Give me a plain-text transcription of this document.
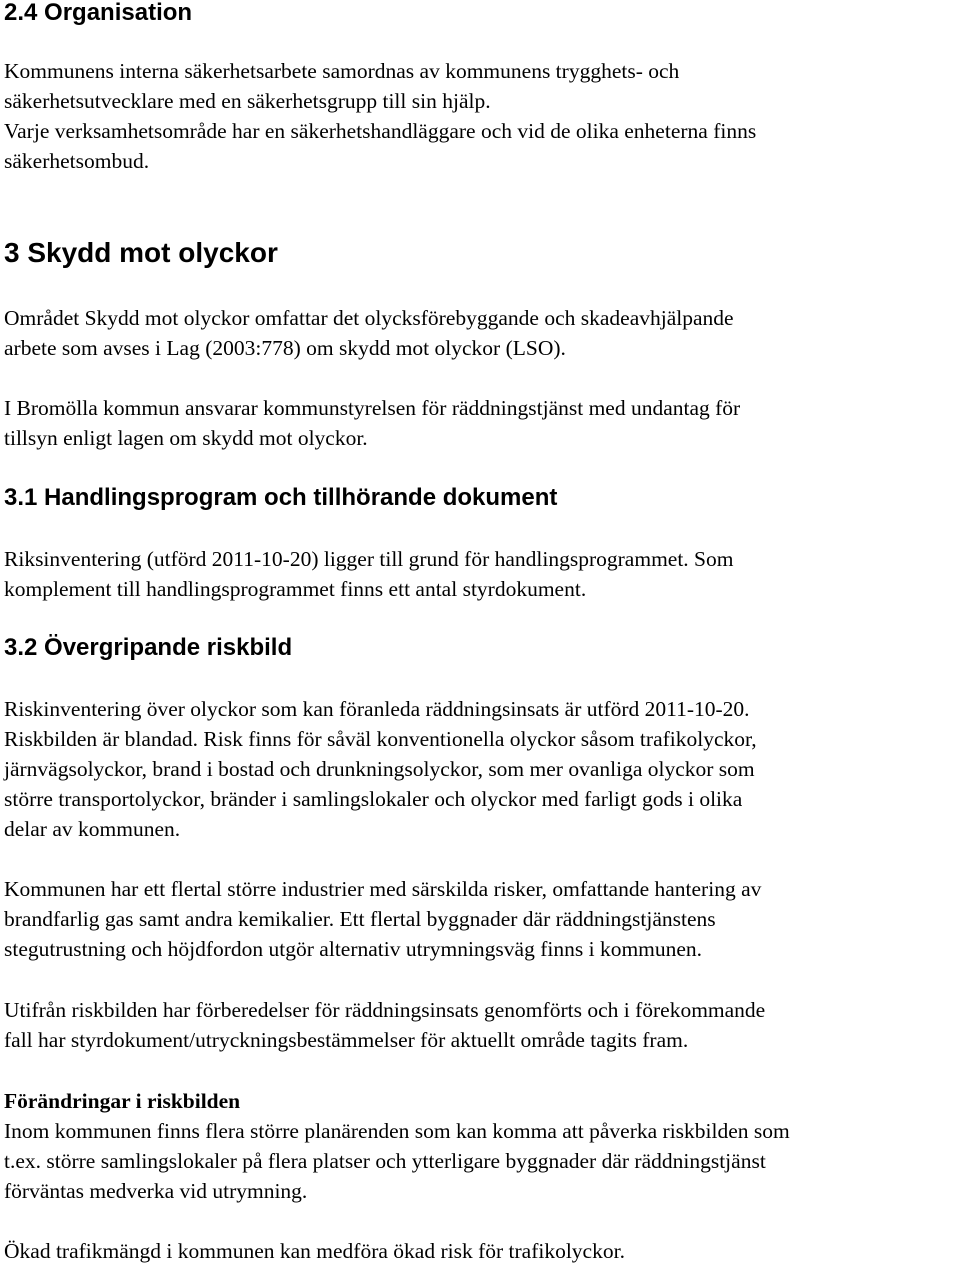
2.4 Organisation

Kommunens interna säkerhetsarbete samordnas av kommunens trygghets- och
säkerhetsutvecklare med en säkerhetsgrupp till sin hjälp.
Varje verksamhetsområde har en säkerhetshandläggare och vid de olika enheterna finns
säkerhetsombud.

3 Skydd mot olyckor

Området Skydd mot olyckor omfattar det olycksförebyggande och skadeavhjälpande
arbete som avses i Lag (2003:778) om skydd mot olyckor (LSO).

I Bromölla kommun ansvarar kommunstyrelsen för räddningstjänst med undantag för
tillsyn enligt lagen om skydd mot olyckor.

3.1 Handlingsprogram och tillhörande dokument

Riksinventering (utförd 2011-10-20) ligger till grund för handlingsprogrammet. Som
komplement till handlingsprogrammet finns ett antal styrdokument.

3.2 Övergripande riskbild

Riskinventering över olyckor som kan föranleda räddningsinsats är utförd 2011-10-20.
Riskbilden är blandad. Risk finns för såväl konventionella olyckor såsom trafikolyckor,
järnvägsolyckor, brand i bostad och drunkningsolyckor, som mer ovanliga olyckor som
större transportolyckor, bränder i samlingslokaler och olyckor med farligt gods i olika
delar av kommunen.

Kommunen har ett flertal större industrier med särskilda risker, omfattande hantering av
brandfarlig gas samt andra kemikalier. Ett flertal byggnader där räddningstjänstens
stegutrustning och höjdfordon utgör alternativ utrymningsväg finns i kommunen.

Utifrån riskbilden har förberedelser för räddningsinsats genomförts och i förekommande
fall har styrdokument/utryckningsbestämmelser för aktuellt område tagits fram.

Förändringar i riskbilden
Inom kommunen finns flera större planärenden som kan komma att påverka riskbilden som
t.ex. större samlingslokaler på flera platser och ytterligare byggnader där räddningstjänst
förväntas medverka vid utrymning.

Ökad trafikmängd i kommunen kan medföra ökad risk för trafikolyckor.
